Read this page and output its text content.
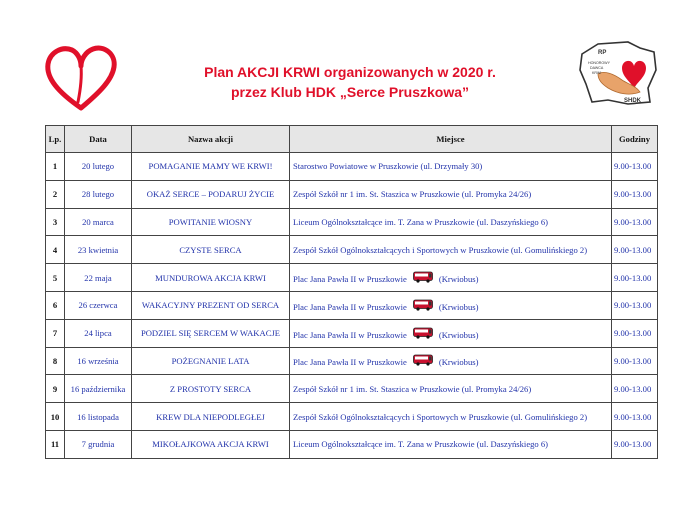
RP
HONOROWY
DAWCA
KRWI
SHDK
Plan AKCJI KRWI organizowanych w 2020 r.
przez Klub HDK „Serce Pruszkowa”
Lp.	Data	Nazwa akcji	Miejsce	Godziny
1	20 lutego	POMAGANIE MAMY WE KRWI!	Starostwo Powiatowe w Pruszkowie (ul. Drzymały 30)	9.00-13.00
2	28 lutego	OKAŻ SERCE – PODARUJ ŻYCIE	Zespół Szkół nr 1 im. St. Staszica w Pruszkowie (ul. Promyka 24/26)	9.00-13.00
3	20 marca	POWITANIE WIOSNY	Liceum Ogólnokształcące im. T. Zana w Pruszkowie (ul. Daszyńskiego 6)	9.00-13.00
4	23 kwietnia	CZYSTE SERCA	Zespół Szkół Ogólnokształcących i Sportowych w Pruszkowie (ul. Gomulińskiego 2)	9.00-13.00
5	22 maja	MUNDUROWA AKCJA KRWI	Plac Jana Pawła II w Pruszkowie (Krwiobus)	9.00-13.00
6	26 czerwca	WAKACYJNY PREZENT OD SERCA	Plac Jana Pawła II w Pruszkowie (Krwiobus)	9.00-13.00
7	24 lipca	PODZIEL SIĘ SERCEM W WAKACJE	Plac Jana Pawła II w Pruszkowie (Krwiobus)	9.00-13.00
8	16 września	POŻEGNANIE LATA	Plac Jana Pawła II w Pruszkowie (Krwiobus)	9.00-13.00
9	16 października	Z PROSTOTY SERCA	Zespół Szkół nr 1 im. St. Staszica w Pruszkowie (ul. Promyka 24/26)	9.00-13.00
10	16 listopada	KREW DLA NIEPODLEGŁEJ	Zespół Szkół Ogólnokształcących i Sportowych w Pruszkowie (ul. Gomulińskiego 2)	9.00-13.00
11	7 grudnia	MIKOŁAJKOWA AKCJA KRWI	Liceum Ogólnokształcące im. T. Zana w Pruszkowie (ul. Daszyńskiego 6)	9.00-13.00
